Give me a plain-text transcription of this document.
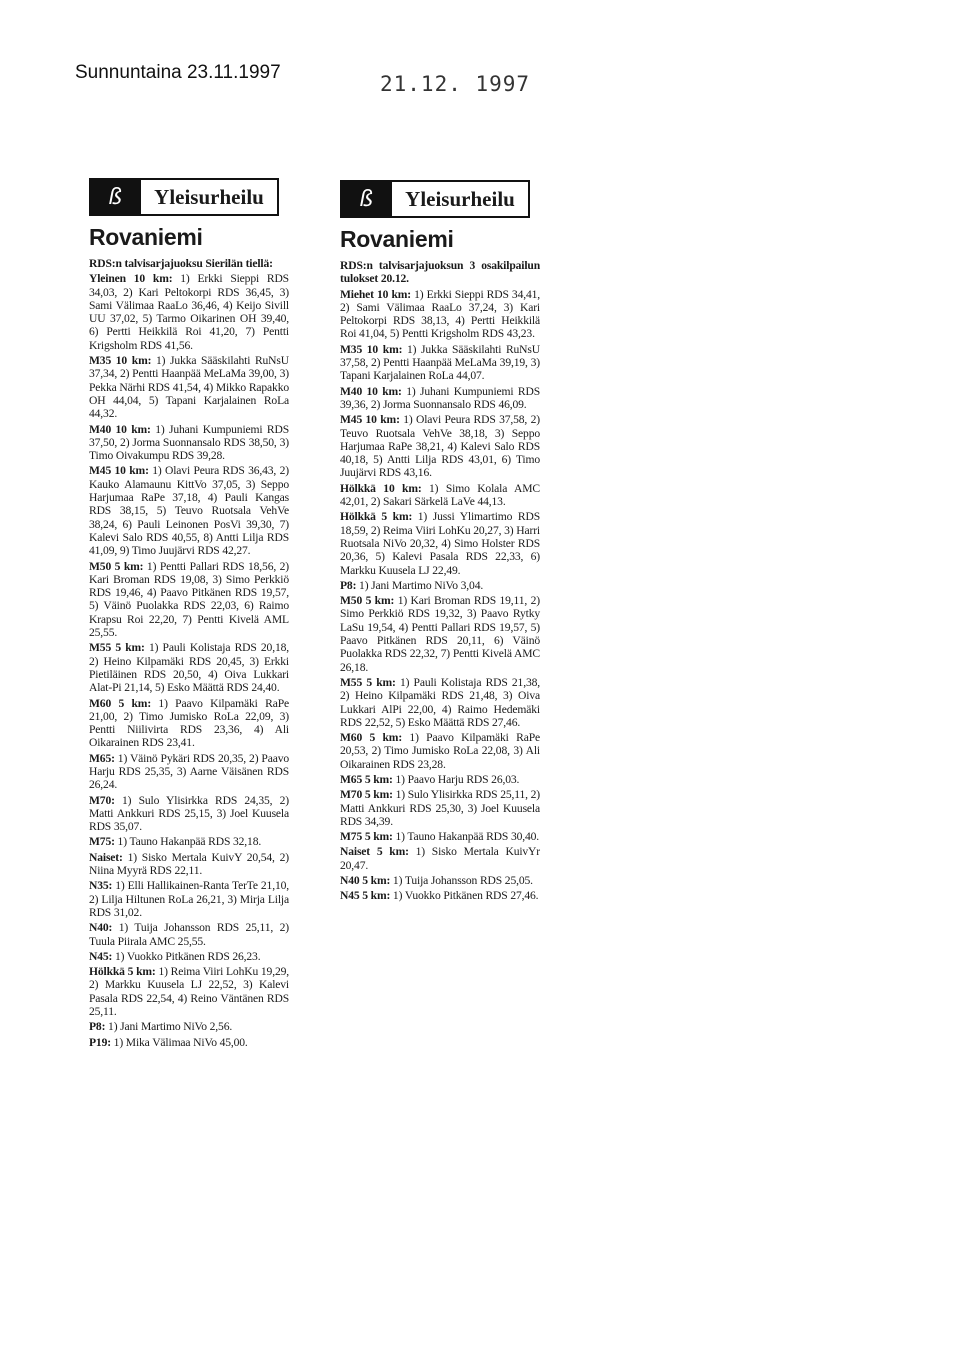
Sunnuntaina 23.11.1997	21.12. 1997
ß	Yleisurheilu
Rovaniemi

RDS:n talvisarjajuoksu Sierilän tiellä:

Yleinen 10 km: 1) Erkki Sieppi RDS 34,03, 2) Kari Peltokorpi RDS 36,45, 3) Sami Välimaa RaaLo 36,46, 4) Keijo Sivill UU 37,02, 5) Tarmo Oikarinen OH 39,40, 6) Pertti Heikkilä Roi 41,20, 7) Pentti Krigsholm RDS 41,56.

M35 10 km: 1) Jukka Sääskilahti RuNsU 37,34, 2) Pentti Haanpää MeLaMa 39,00, 3) Pekka Närhi RDS 41,54, 4) Mikko Rapakko OH 44,04, 5) Tapani Karjalainen RoLa 44,32.

M40 10 km: 1) Juhani Kumpuniemi RDS 37,50, 2) Jorma Suonnansalo RDS 38,50, 3) Timo Oivakumpu RDS 39,28.

M45 10 km: 1) Olavi Peura RDS 36,43, 2) Kauko Alamaunu KittVo 37,05, 3) Seppo Harjumaa RaPe 37,18, 4) Pauli Kangas RDS 38,15, 5) Teuvo Ruotsala VehVe 38,24, 6) Pauli Leinonen PosVi 39,30, 7) Kalevi Salo RDS 40,55, 8) Antti Lilja RDS 41,09, 9) Timo Juujärvi RDS 42,27.

M50 5 km: 1) Pentti Pallari RDS 18,56, 2) Kari Broman RDS 19,08, 3) Simo Perkkiö RDS 19,46, 4) Paavo Pitkänen RDS 19,57, 5) Väinö Puolakka RDS 22,03, 6) Raimo Krapsu Roi 22,20, 7) Pentti Kivelä AML 25,55.

M55 5 km: 1) Pauli Kolistaja RDS 20,18, 2) Heino Kilpamäki RDS 20,45, 3) Erkki Pietiläinen RDS 20,50, 4) Oiva Lukkari Alat-Pi 21,14, 5) Esko Määttä RDS 24,40.

M60 5 km: 1) Paavo Kilpamäki RaPe 21,00, 2) Timo Jumisko RoLa 22,09, 3) Pentti Niilivirta RDS 23,36, 4) Ali Oikarainen RDS 23,41.

M65: 1) Väinö Pykäri RDS 20,35, 2) Paavo Harju RDS 25,35, 3) Aarne Väisänen RDS 26,24.

M70: 1) Sulo Ylisirkka RDS 24,35, 2) Matti Ankkuri RDS 25,15, 3) Joel Kuusela RDS 35,07.

M75: 1) Tauno Hakanpää RDS 32,18.

Naiset: 1) Sisko Mertala KuivY 20,54, 2) Niina Myyrä RDS 22,11.

N35: 1) Elli Hallikainen-Ranta TerTe 21,10, 2) Lilja Hiltunen RoLa 26,21, 3) Mirja Lilja RDS 31,02.

N40: 1) Tuija Johansson RDS 25,11, 2) Tuula Piirala AMC 25,55.

N45: 1) Vuokko Pitkänen RDS 26,23.

Hölkkä 5 km: 1) Reima Viiri LohKu 19,29, 2) Markku Kuusela LJ 22,52, 3) Kalevi Pasala RDS 22,54, 4) Reino Väntänen RDS 25,11.

P8: 1) Jani Martimo NiVo 2,56.

P19: 1) Mika Välimaa NiVo 45,00.

ß	Yleisurheilu
Rovaniemi

RDS:n talvisarjajuoksun 3 osakilpailun tulokset 20.12.

Miehet 10 km: 1) Erkki Sieppi RDS 34,41, 2) Sami Välimaa RaaLo 37,24, 3) Kari Peltokorpi RDS 38,13, 4) Pertti Heikkilä Roi 41,04, 5) Pentti Krigsholm RDS 43,23.

M35 10 km: 1) Jukka Sääskilahti RuNsU 37,58, 2) Pentti Haanpää MeLaMa 39,19, 3) Tapani Karjalainen RoLa 44,07.

M40 10 km: 1) Juhani Kumpuniemi RDS 39,36, 2) Jorma Suonnansalo RDS 46,09.

M45 10 km: 1) Olavi Peura RDS 37,58, 2) Teuvo Ruotsala VehVe 38,18, 3) Seppo Harjumaa RaPe 38,21, 4) Kalevi Salo RDS 40,18, 5) Antti Lilja RDS 43,01, 6) Timo Juujärvi RDS 43,16.

Hölkkä 10 km: 1) Simo Kolala AMC 42,01, 2) Sakari Särkelä LaVe 44,13.

Hölkkä 5 km: 1) Jussi Ylimartimo RDS 18,59, 2) Reima Viiri LohKu 20,27, 3) Harri Ruotsala NiVo 20,32, 4) Simo Holster RDS 20,36, 5) Kalevi Pasala RDS 22,33, 6) Markku Kuusela LJ 22,49.

P8: 1) Jani Martimo NiVo 3,04.

M50 5 km: 1) Kari Broman RDS 19,11, 2) Simo Perkkiö RDS 19,32, 3) Paavo Rytky LaSu 19,54, 4) Pentti Pallari RDS 19,57, 5) Paavo Pitkänen RDS 20,11, 6) Väinö Puolakka RDS 22,32, 7) Pentti Kivelä AMC 26,18.

M55 5 km: 1) Pauli Kolistaja RDS 21,38, 2) Heino Kilpamäki RDS 21,48, 3) Oiva Lukkari AlPi 22,00, 4) Raimo Hedemäki RDS 22,52, 5) Esko Määttä RDS 27,46.

M60 5 km: 1) Paavo Kilpamäki RaPe 20,53, 2) Timo Jumisko RoLa 22,08, 3) Ali Oikarainen RDS 23,28.

M65 5 km: 1) Paavo Harju RDS 26,03.

M70 5 km: 1) Sulo Ylisirkka RDS 25,11, 2) Matti Ankkuri RDS 25,30, 3) Joel Kuusela RDS 34,39.

M75 5 km: 1) Tauno Hakanpää RDS 30,40.

Naiset 5 km: 1) Sisko Mertala KuivYr 20,47.

N40 5 km: 1) Tuija Johansson RDS 25,05.

N45 5 km: 1) Vuokko Pitkänen RDS 27,46.
